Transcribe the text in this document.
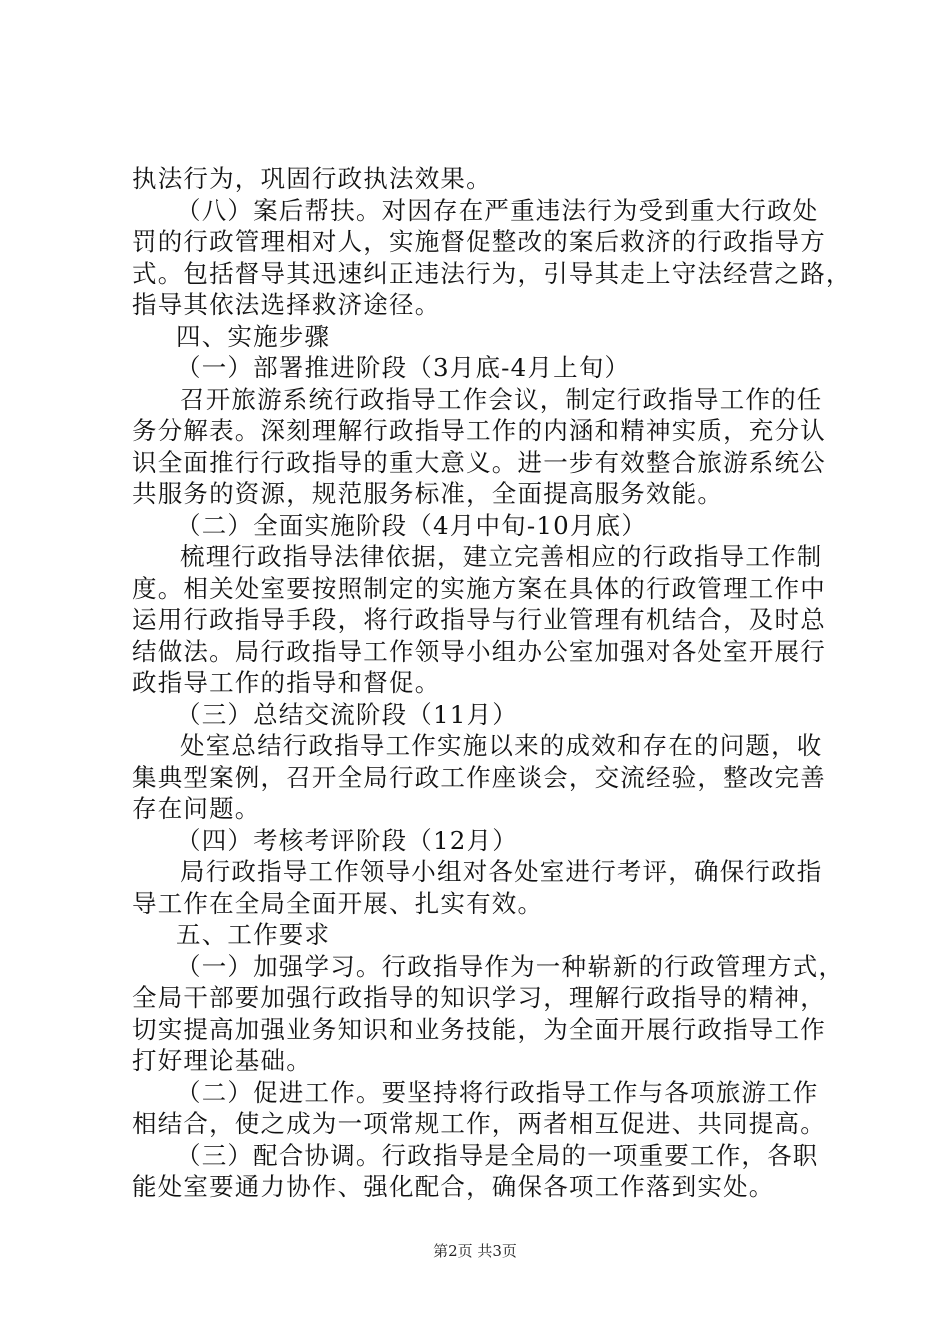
执法行为，巩固行政执法效果。
（八）案后帮扶。对因存在严重违法行为受到重大行政处
罚的行政管理相对人，实施督促整改的案后救济的行政指导方
式。包括督导其迅速纠正违法行为，引导其走上守法经营之路，
指导其依法选择救济途径。
四、实施步骤
（一）部署推进阶段（3月底-4月上旬）
召开旅游系统行政指导工作会议，制定行政指导工作的任
务分解表。深刻理解行政指导工作的内涵和精神实质，充分认
识全面推行行政指导的重大意义。进一步有效整合旅游系统公
共服务的资源，规范服务标准，全面提高服务效能。
（二）全面实施阶段（4月中旬-10月底）
梳理行政指导法律依据，建立完善相应的行政指导工作制
度。相关处室要按照制定的实施方案在具体的行政管理工作中
运用行政指导手段，将行政指导与行业管理有机结合，及时总
结做法。局行政指导工作领导小组办公室加强对各处室开展行
政指导工作的指导和督促。
（三）总结交流阶段（11月）
处室总结行政指导工作实施以来的成效和存在的问题，收
集典型案例，召开全局行政工作座谈会，交流经验，整改完善
存在问题。
（四）考核考评阶段（12月）
局行政指导工作领导小组对各处室进行考评，确保行政指
导工作在全局全面开展、扎实有效。
五、工作要求
（一）加强学习。行政指导作为一种崭新的行政管理方式，
全局干部要加强行政指导的知识学习，理解行政指导的精神，
切实提高加强业务知识和业务技能，为全面开展行政指导工作
打好理论基础。
（二）促进工作。要坚持将行政指导工作与各项旅游工作
相结合，使之成为一项常规工作，两者相互促进、共同提高。
（三）配合协调。行政指导是全局的一项重要工作，各职
能处室要通力协作、强化配合，确保各项工作落到实处。
第2页 共3页
